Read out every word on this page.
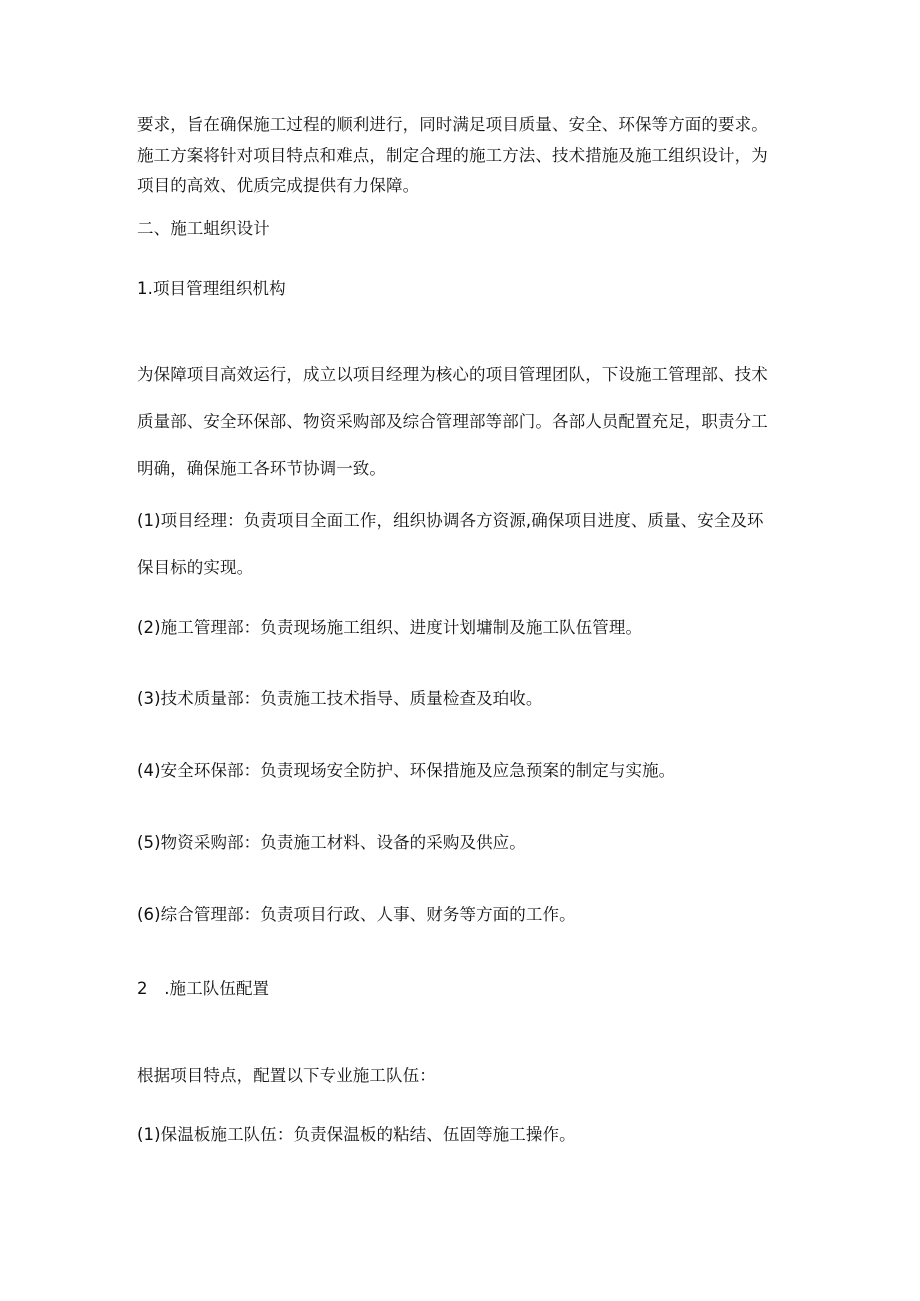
要求，旨在确保施工过程的顺利进行，同时满足项目质量、安全、环保等方面的要求。
施工方案将针对项目特点和难点，制定合理的施工方法、技术措施及施工组织设计，为
项目的高效、优质完成提供有力保障。
二、施工蛆织设计
1.项目管理组织机构
为保障项目高效运行，成立以项目经理为核心的项目管理团队，下设施工管理部、技术
质量部、安全环保部、物资采购部及综合管理部等部门。各部人员配置充足，职责分工
明确，确保施工各环节协调一致。
(1)项目经理：负责项目全面工作，组织协调各方资源,确保项目进度、质量、安全及环
保目标的实现。
(2)施工管理部：负责现场施工组织、进度计划墉制及施工队伍管理。
(3)技术质量部：负责施工技术指导、质量检查及珀收。
(4)安全环保部：负责现场安全防护、环保措施及应急预案的制定与实施。
(5)物资采购部：负责施工材料、设备的采购及供应。
(6)综合管理部：负责项目行政、人事、财务等方面的工作。
2　.施工队伍配置
根据项目特点，配置以下专业施工队伍：
(1)保温板施工队伍：负责保温板的粘结、伍固等施工操作。
